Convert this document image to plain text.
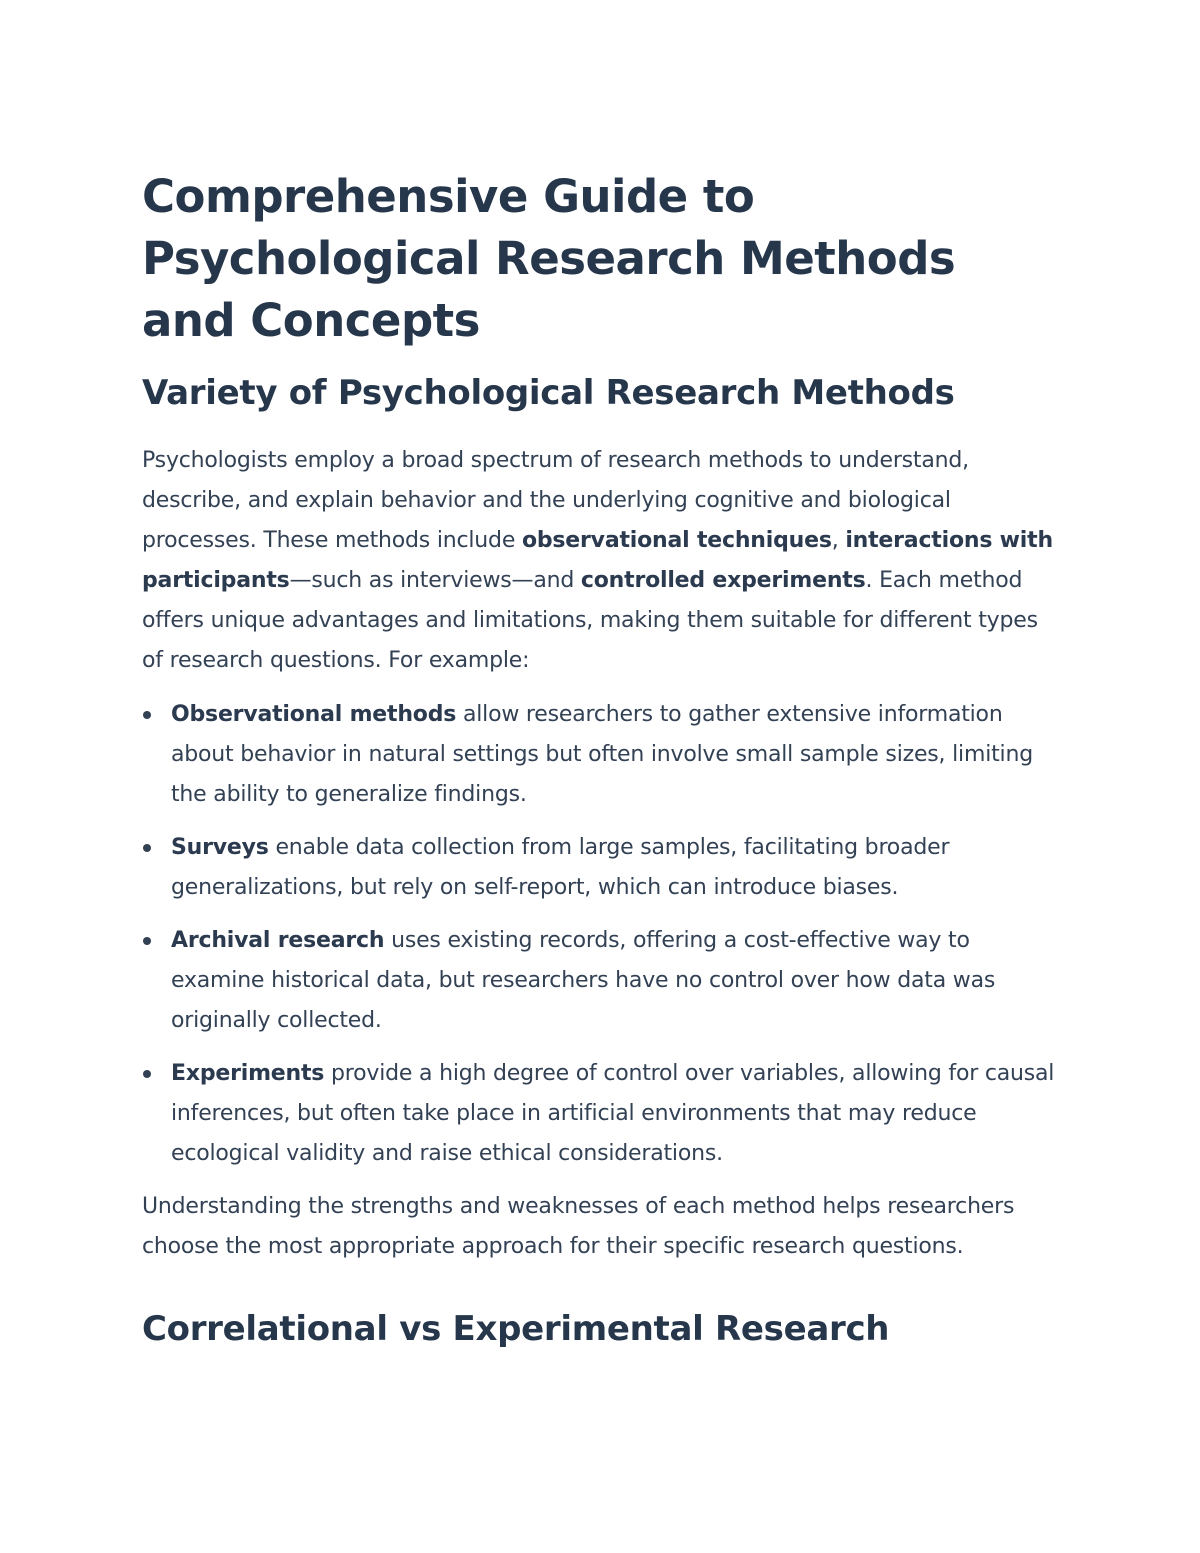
Comprehensive Guide to Psychological Research Methods and Concepts
Variety of Psychological Research Methods

Psychologists employ a broad spectrum of research methods to understand, describe, and explain behavior and the underlying cognitive and biological processes. These methods include observational techniques, interactions with participants—such as interviews—and controlled experiments. Each method offers unique advantages and limitations, making them suitable for different types of research questions. For example:

Observational methods allow researchers to gather extensive information about behavior in natural settings but often involve small sample sizes, limiting the ability to generalize findings.
Surveys enable data collection from large samples, facilitating broader generalizations, but rely on self-report, which can introduce biases.
Archival research uses existing records, offering a cost-effective way to examine historical data, but researchers have no control over how data was originally collected.
Experiments provide a high degree of control over variables, allowing for causal inferences, but often take place in artificial environments that may reduce ecological validity and raise ethical considerations.

Understanding the strengths and weaknesses of each method helps researchers choose the most appropriate approach for their specific research questions.

Correlational vs Experimental Research
